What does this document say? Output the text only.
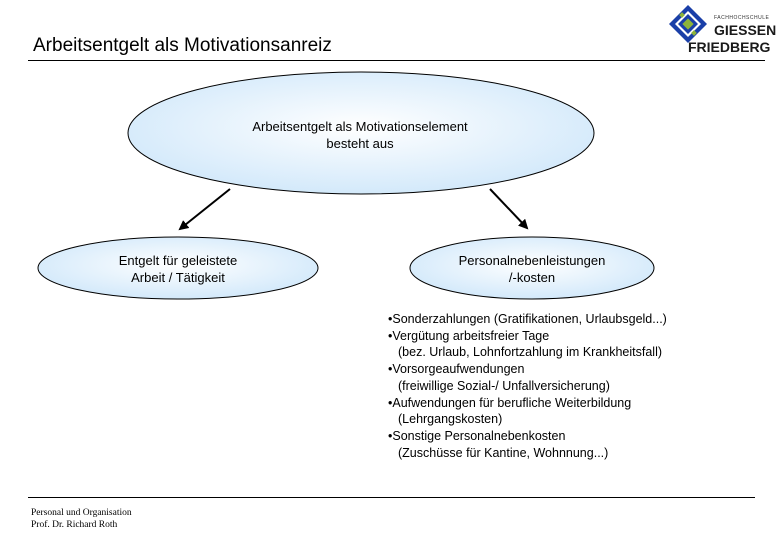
Arbeitsentgelt als Motivationsanreiz
FACHHOCHSCHULE
GIESSEN
FRIEDBERG
Arbeitsentgelt als Motivationselement
besteht aus
Entgelt für geleistete
Arbeit / Tätigkeit
Personalnebenleistungen
/-kosten
•Sonderzahlungen (Gratifikationen, Urlaubsgeld...)
•Vergütung arbeitsfreier Tage
(bez. Urlaub, Lohnfortzahlung im Krankheitsfall)
•Vorsorgeaufwendungen
(freiwillige Sozial-/ Unfallversicherung)
•Aufwendungen für berufliche Weiterbildung
(Lehrgangskosten)
•Sonstige Personalnebenkosten
(Zuschüsse für Kantine, Wohnnung...)
Personal und Organisation
Prof. Dr. Richard Roth
